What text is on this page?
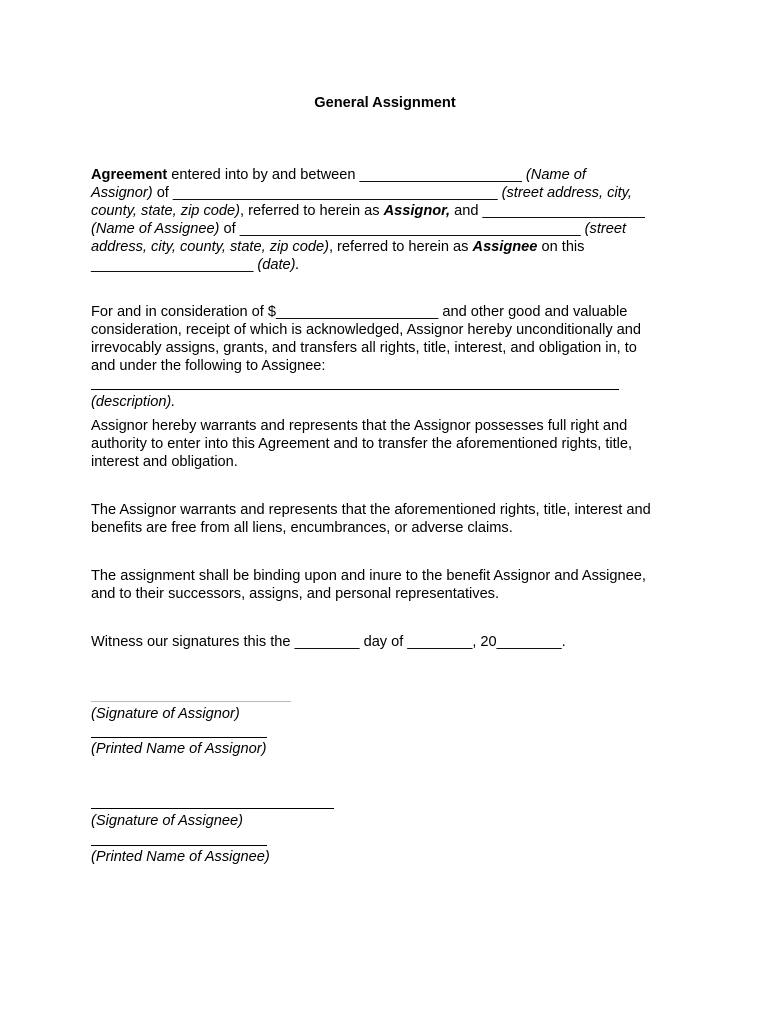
General Assignment
Agreement entered into by and between ____________________ (Name of
Assignor) of ________________________________________ (street address, city,
county, state, zip code), referred to herein as Assignor, and ____________________
(Name of Assignee) of __________________________________________ (street
address, city, county, state, zip code), referred to herein as Assignee on this
____________________ (date).
For and in consideration of $____________________ and other good and valuable
consideration, receipt of which is acknowledged, Assignor hereby unconditionally and
irrevocably assigns, grants, and transfers all rights, title, interest, and obligation in, to
and under the following to Assignee:
(description).
Assignor hereby warrants and represents that the Assignor possesses full right and
authority to enter into this Agreement and to transfer the aforementioned rights, title,
interest and obligation.
The Assignor warrants and represents that the aforementioned rights, title, interest and
benefits are free from all liens, encumbrances, or adverse claims.
The assignment shall be binding upon and inure to the benefit Assignor and Assignee,
and to their successors, assigns, and personal representatives.
Witness our signatures this the ________ day of ________, 20________.
(Signature of Assignor)
(Printed Name of Assignor)
(Signature of Assignee)
(Printed Name of Assignee)
